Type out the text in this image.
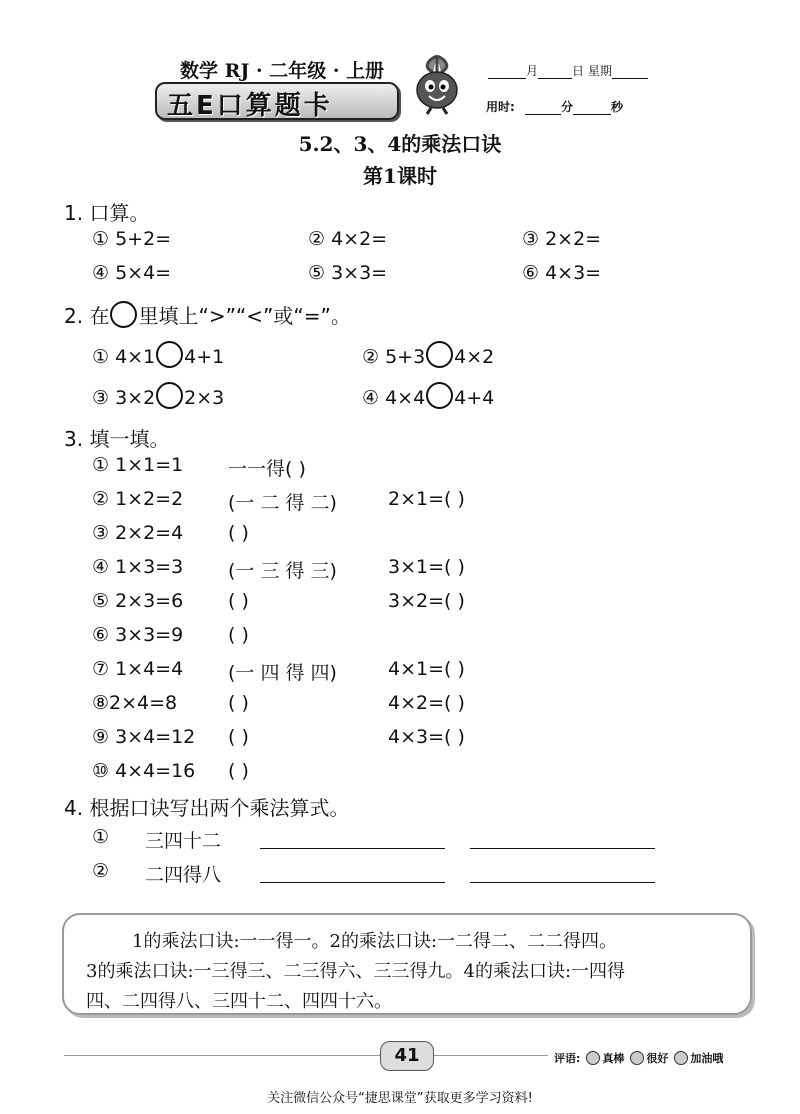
数学 RJ · 二年级 · 上册
五E口算题卡
月	日 星期
用时:	分	秒
5.2、3、4的乘法口诀
第1课时
1. 口算。
① 5+2=	② 4×2=	③ 2×2=
④ 5×4=	⑤ 3×3=	⑥ 4×3=
2. 在 里填上“>”“<”或“=”。
① 4×1 4+1	② 5+3 4×2
③ 3×2 2×3	④ 4×4 4+4
3. 填一填。
① 1×1=1 一一得( )
② 1×2=2 (一 二 得 二)	2×1=( )
③ 2×2=4 ( )
④ 1×3=3 (一 三 得 三)	3×1=( )
⑤ 2×3=6 ( )	3×2=( )
⑥ 3×3=9 ( )
⑦ 1×4=4 (一 四 得 四)	4×1=( )
⑧2×4=8	( )	4×2=( )
⑨ 3×4=12 ( )	4×3=( )
⑩ 4×4=16 ( )
4. 根据口诀写出两个乘法算式。
① 三四十二
② 二四得八
1的乘法口诀:一一得一。2的乘法口诀:一二得二、二二得四。
3的乘法口诀:一三得三、二三得六、三三得九。4的乘法口诀:一四得
四、二四得八、三四十二、四四十六。
41	评语: 真棒 很好 加油哦
关注微信公众号“捷思课堂”获取更多学习资料!
